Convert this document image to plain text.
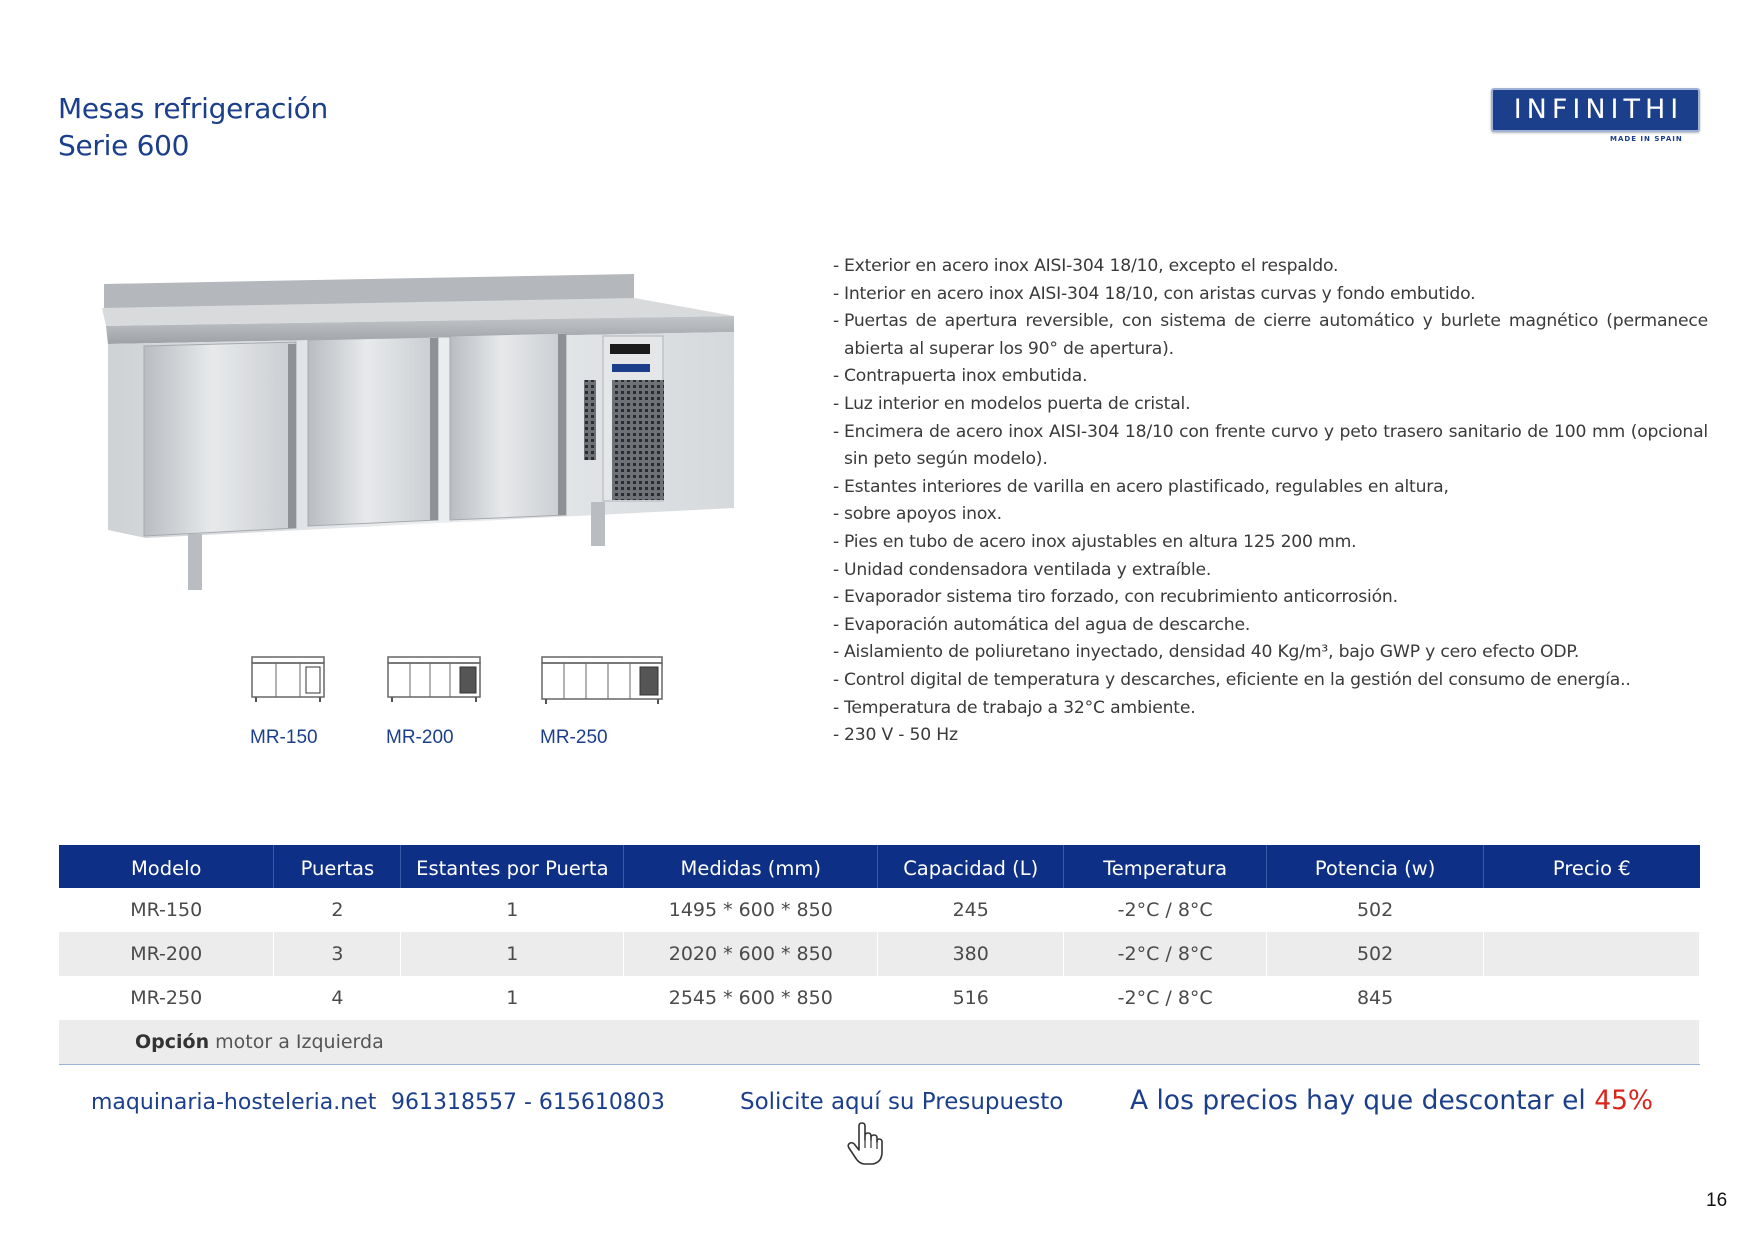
Mesas refrigeración
Serie 600
INFINITHI
MADE IN SPAIN
MR-150	MR-200	MR-250
- Exterior en acero inox AISI-304 18/10, excepto el respaldo.
- Interior en acero inox AISI-304 18/10, con aristas curvas y fondo embutido.
- Puertas de apertura reversible, con sistema de cierre automático y burlete magnético (permanece abierta al superar los 90° de apertura).
- Contrapuerta inox embutida.
- Luz interior en modelos puerta de cristal.
- Encimera de acero inox AISI-304 18/10 con frente curvo y peto trasero sanitario de 100 mm (opcional sin peto según modelo).
- Estantes interiores de varilla en acero plastificado, regulables en altura,
- sobre apoyos inox.
- Pies en tubo de acero inox ajustables en altura 125 200 mm.
- Unidad condensadora ventilada y extraíble.
- Evaporador sistema tiro forzado, con recubrimiento anticorrosión.
- Evaporación automática del agua de descarche.
- Aislamiento de poliuretano inyectado, densidad 40 Kg/m³, bajo GWP y cero efecto ODP.
- Control digital de temperatura y descarches, eficiente en la gestión del consumo de energía..
- Temperatura de trabajo a 32°C ambiente.
- 230 V - 50 Hz
Modelo	Puertas	Estantes por Puerta	Medidas (mm)	Capacidad (L)	Temperatura	Potencia (w)	Precio €
MR-150	2	1	1495 * 600 * 850	245	-2°C / 8°C	502	
MR-200	3	1	2020 * 600 * 850	380	-2°C / 8°C	502	
MR-250	4	1	2545 * 600 * 850	516	-2°C / 8°C	845	
Opción motor a Izquierda							
maquinaria-hosteleria.net 961318557 - 615610803	Solicite aquí su Presupuesto	A los precios hay que descontar el 45%
16
